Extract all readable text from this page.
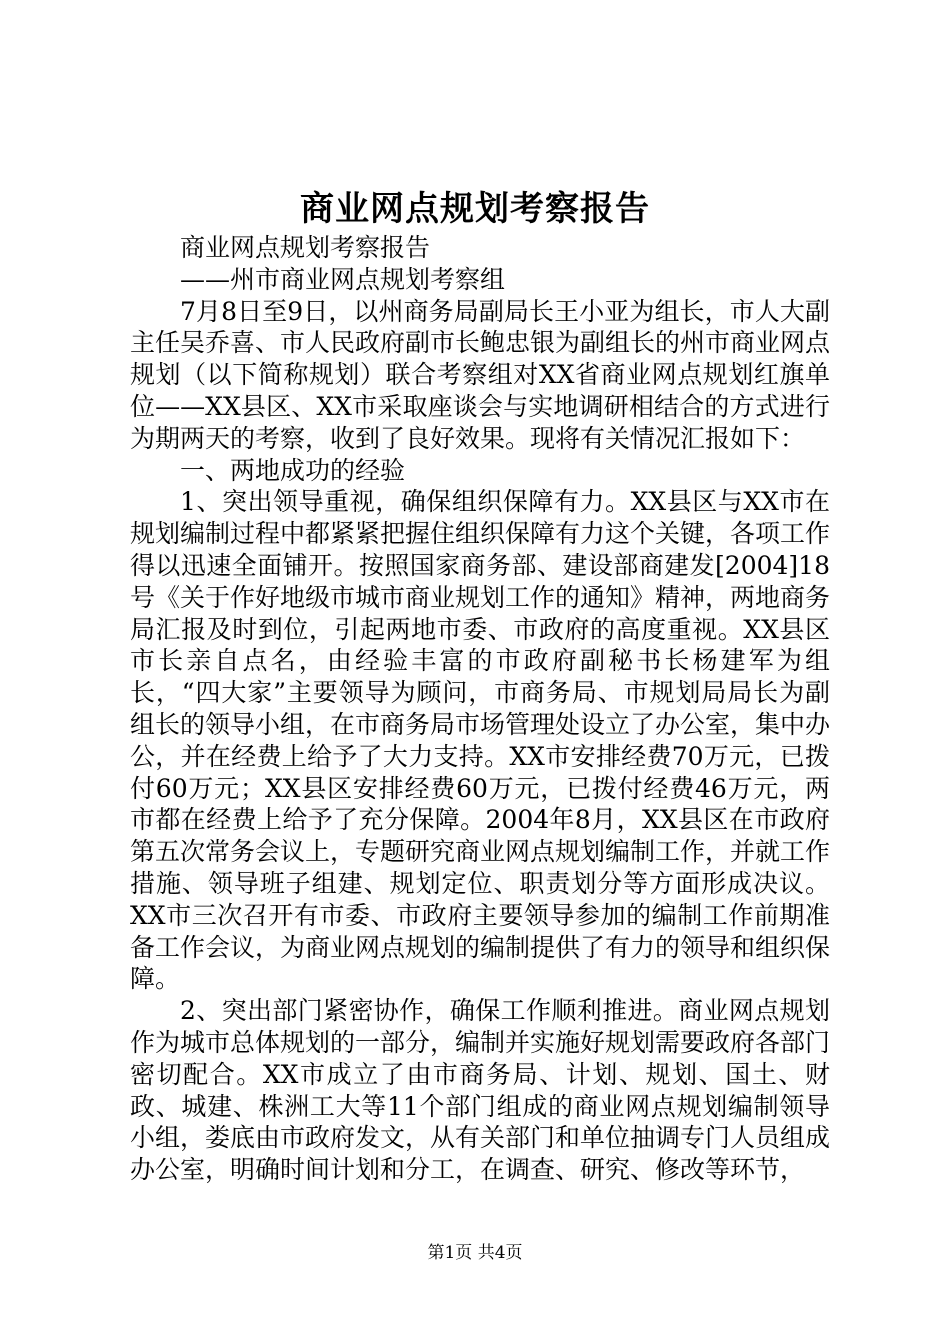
商业网点规划考察报告

商业网点规划考察报告

——州市商业网点规划考察组

7月8日至9日，以州商务局副局长王小亚为组长，市人大副主任吴乔喜、市人民政府副市长鲍忠银为副组长的州市商业网点规划（以下简称规划）联合考察组对XX省商业网点规划红旗单位——XX县区、XX市采取座谈会与实地调研相结合的方式进行为期两天的考察，收到了良好效果。现将有关情况汇报如下：

一、两地成功的经验

1、突出领导重视，确保组织保障有力。XX县区与XX市在规划编制过程中都紧紧把握住组织保障有力这个关键，各项工作得以迅速全面铺开。按照国家商务部、建设部商建发[2004]18号《关于作好地级市城市商业规划工作的通知》精神，两地商务局汇报及时到位，引起两地市委、市政府的高度重视。XX县区市长亲自点名，由经验丰富的市政府副秘书长杨建军为组长，“四大家”主要领导为顾问，市商务局、市规划局局长为副组长的领导小组，在市商务局市场管理处设立了办公室，集中办公，并在经费上给予了大力支持。XX市安排经费70万元，已拨付60万元；XX县区安排经费60万元，已拨付经费46万元，两市都在经费上给予了充分保障。2004年8月，XX县区在市政府第五次常务会议上，专题研究商业网点规划编制工作，并就工作措施、领导班子组建、规划定位、职责划分等方面形成决议。XX市三次召开有市委、市政府主要领导参加的编制工作前期准备工作会议，为商业网点规划的编制提供了有力的领导和组织保障。

2、突出部门紧密协作，确保工作顺利推进。商业网点规划作为城市总体规划的一部分，编制并实施好规划需要政府各部门密切配合。XX市成立了由市商务局、计划、规划、国土、财政、城建、株洲工大等11个部门组成的商业网点规划编制领导小组，娄底由市政府发文，从有关部门和单位抽调专门人员组成办公室，明确时间计划和分工，在调查、研究、修改等环节，

第1页 共4页
